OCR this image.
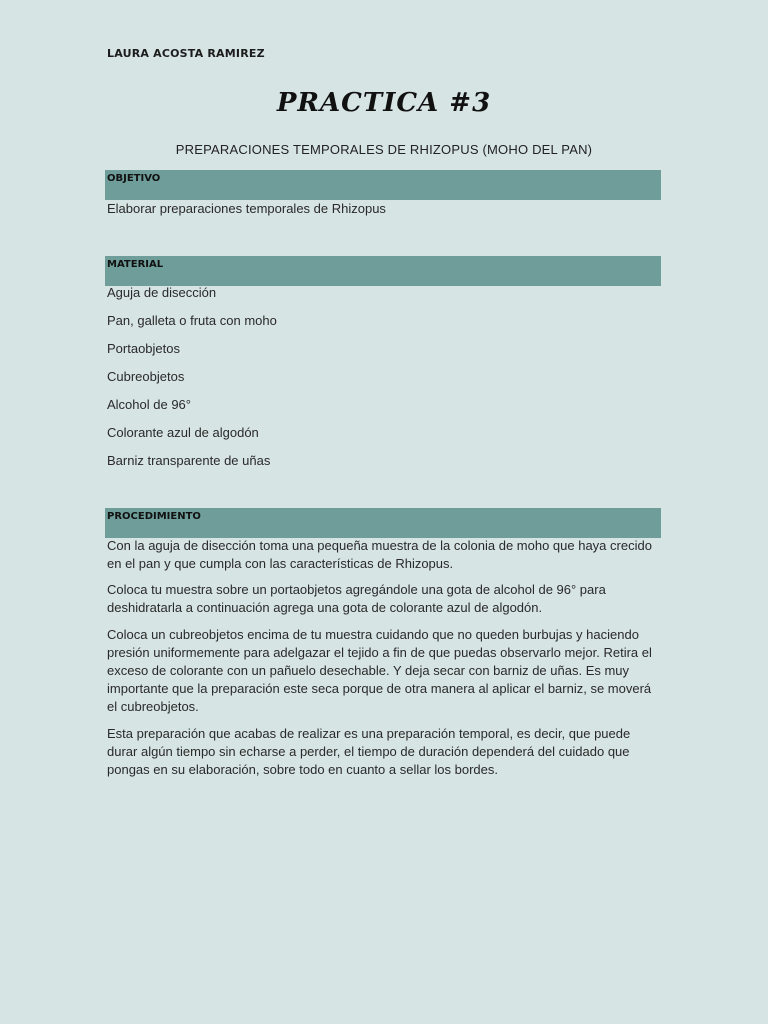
LAURA ACOSTA RAMIREZ
PRACTICA #3
PREPARACIONES TEMPORALES DE RHIZOPUS (MOHO DEL PAN)
OBJETIVO
Elaborar preparaciones temporales de Rhizopus
MATERIAL
Aguja de disección
Pan, galleta o fruta con moho
Portaobjetos
Cubreobjetos
Alcohol de 96°
Colorante azul de algodón
Barniz transparente de uñas
PROCEDIMIENTO

Con la aguja de disección toma una pequeña muestra de la colonia de moho que haya crecido en el pan y que cumpla con las características de Rhizopus.

Coloca tu muestra sobre un portaobjetos agregándole una gota de alcohol de 96° para deshidratarla a continuación agrega una gota de colorante azul de algodón.

Coloca un cubreobjetos encima de tu muestra cuidando que no queden burbujas y haciendo presión uniformemente para adelgazar el tejido a fin de que puedas observarlo mejor. Retira el exceso de colorante con un pañuelo desechable. Y deja secar con barniz de uñas. Es muy importante que la preparación este seca porque de otra manera al aplicar el barniz, se moverá el cubreobjetos.

Esta preparación que acabas de realizar es una preparación temporal, es decir, que puede durar algún tiempo sin echarse a perder, el tiempo de duración dependerá del cuidado que pongas en su elaboración, sobre todo en cuanto a sellar los bordes.
